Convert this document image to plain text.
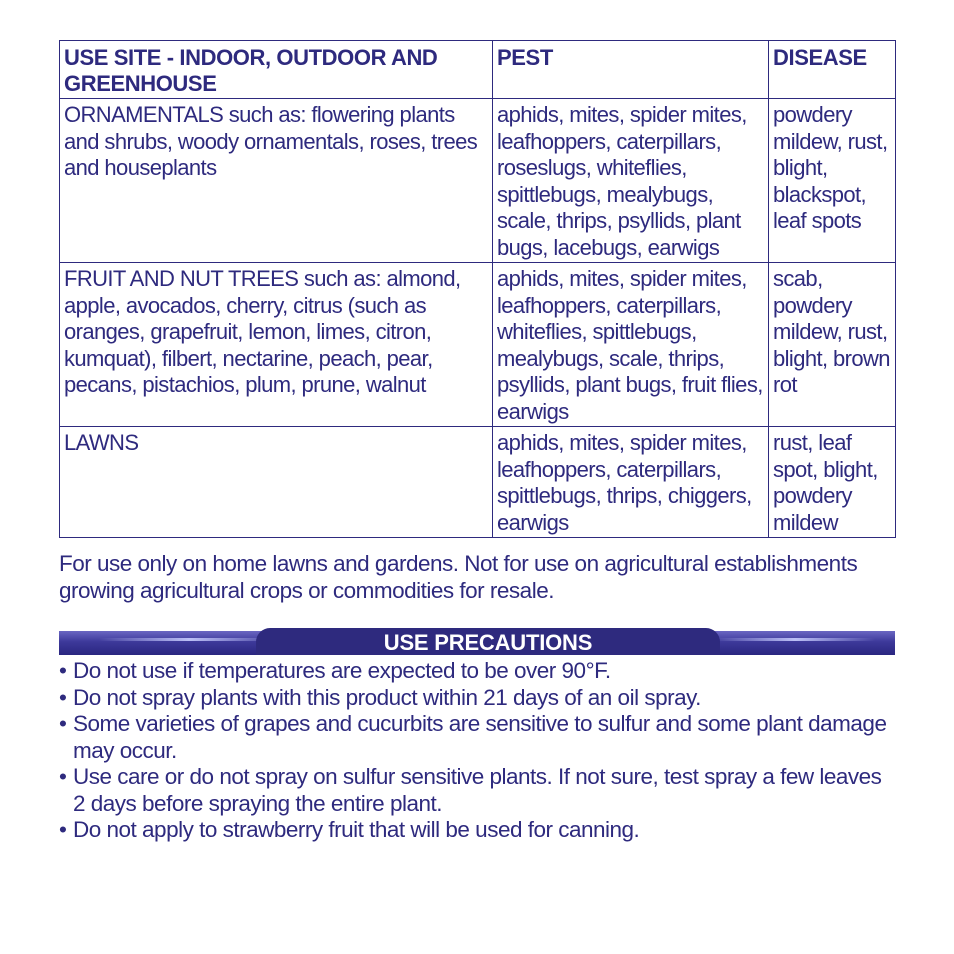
USE SITE - INDOOR, OUTDOOR AND GREENHOUSE	PEST	DISEASE
ORNAMENTALS such as: flowering plants and shrubs, woody ornamentals, roses, trees and houseplants	aphids, mites, spider mites, leafhoppers, caterpillars, roseslugs, whiteflies, spittlebugs, mealybugs, scale, thrips, psyllids, plant bugs, lacebugs, earwigs	powdery mildew, rust, blight, blackspot, leaf spots
FRUIT AND NUT TREES such as: almond, apple, avocados, cherry, citrus (such as oranges, grapefruit, lemon, limes, citron, kumquat), filbert, nectarine, peach, pear, pecans, pistachios, plum, prune, walnut	aphids, mites, spider mites, leafhoppers, caterpillars, whiteflies, spittlebugs, mealybugs, scale, thrips, psyllids, plant bugs, fruit flies, earwigs	scab, powdery mildew, rust, blight, brown rot
LAWNS	aphids, mites, spider mites, leafhoppers, caterpillars, spittlebugs, thrips, chiggers, earwigs	rust, leaf spot, blight, powdery mildew
For use only on home lawns and gardens. Not for use on agricultural establishments growing agricultural crops or commodities for resale.
USE PRECAUTIONS
• Do not use if temperatures are expected to be over 90°F.
• Do not spray plants with this product within 21 days of an oil spray.
• Some varieties of grapes and cucurbits are sensitive to sulfur and some plant damage may occur.
• Use care or do not spray on sulfur sensitive plants. If not sure, test spray a few leaves 2 days before spraying the entire plant.
• Do not apply to strawberry fruit that will be used for canning.
